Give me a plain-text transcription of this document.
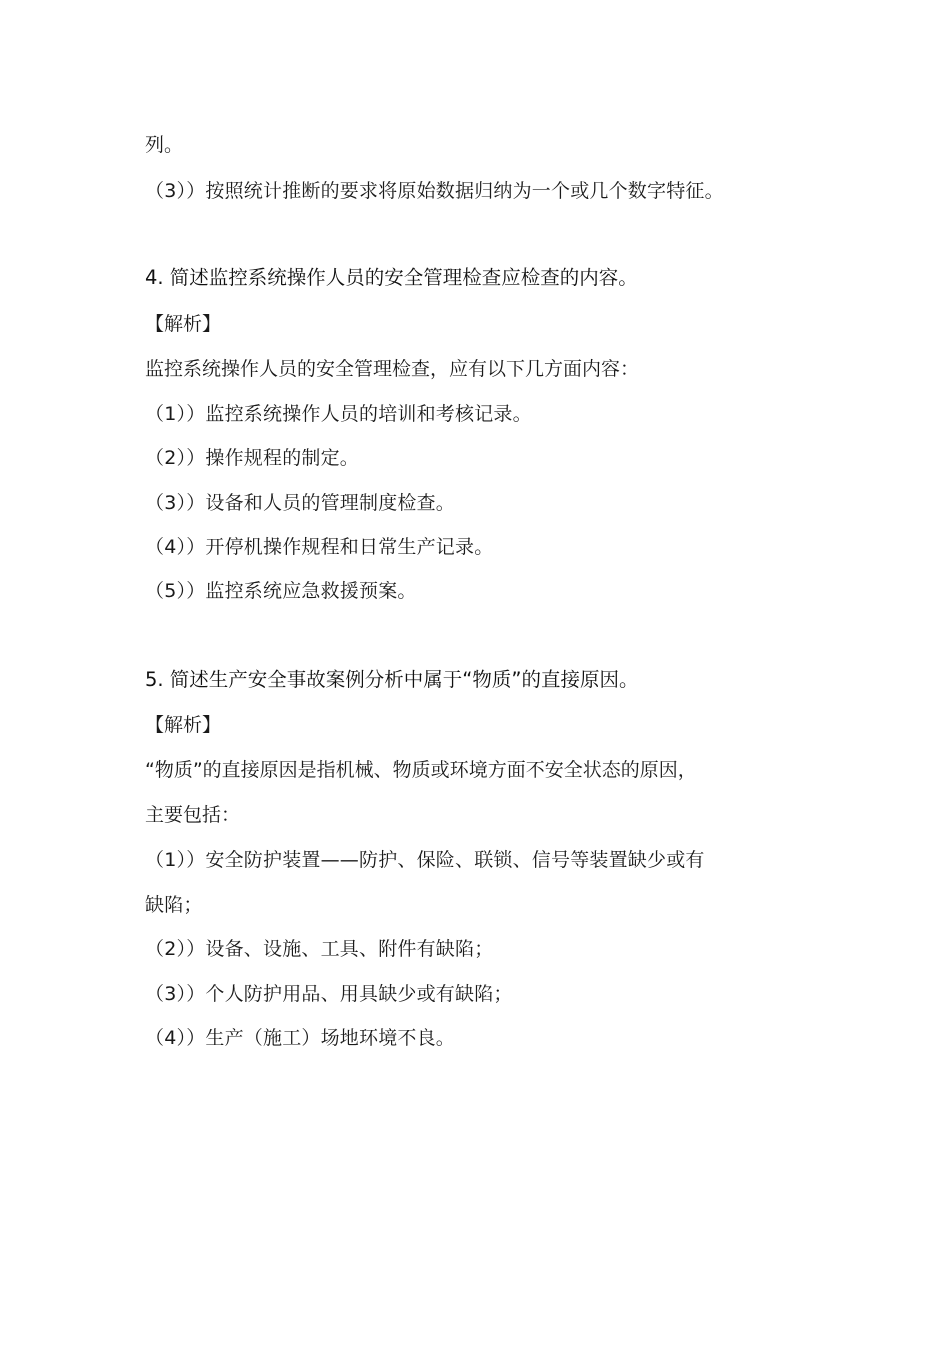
列。
（3））按照统计推断的要求将原始数据归纳为一个或几个数字特征。
4. 简述监控系统操作人员的安全管理检查应检查的内容。
【解析】
监控系统操作人员的安全管理检查，应有以下几方面内容：
（1））监控系统操作人员的培训和考核记录。
（2））操作规程的制定。
（3））设备和人员的管理制度检查。
（4））开停机操作规程和日常生产记录。
（5））监控系统应急救援预案。
5. 简述生产安全事故案例分析中属于“物质”的直接原因。
【解析】
“物质”的直接原因是指机械、物质或环境方面不安全状态的原因，
主要包括：
（1））安全防护装置——防护、保险、联锁、信号等装置缺少或有
缺陷；
（2））设备、设施、工具、附件有缺陷；
（3））个人防护用品、用具缺少或有缺陷；
（4））生产（施工）场地环境不良。
